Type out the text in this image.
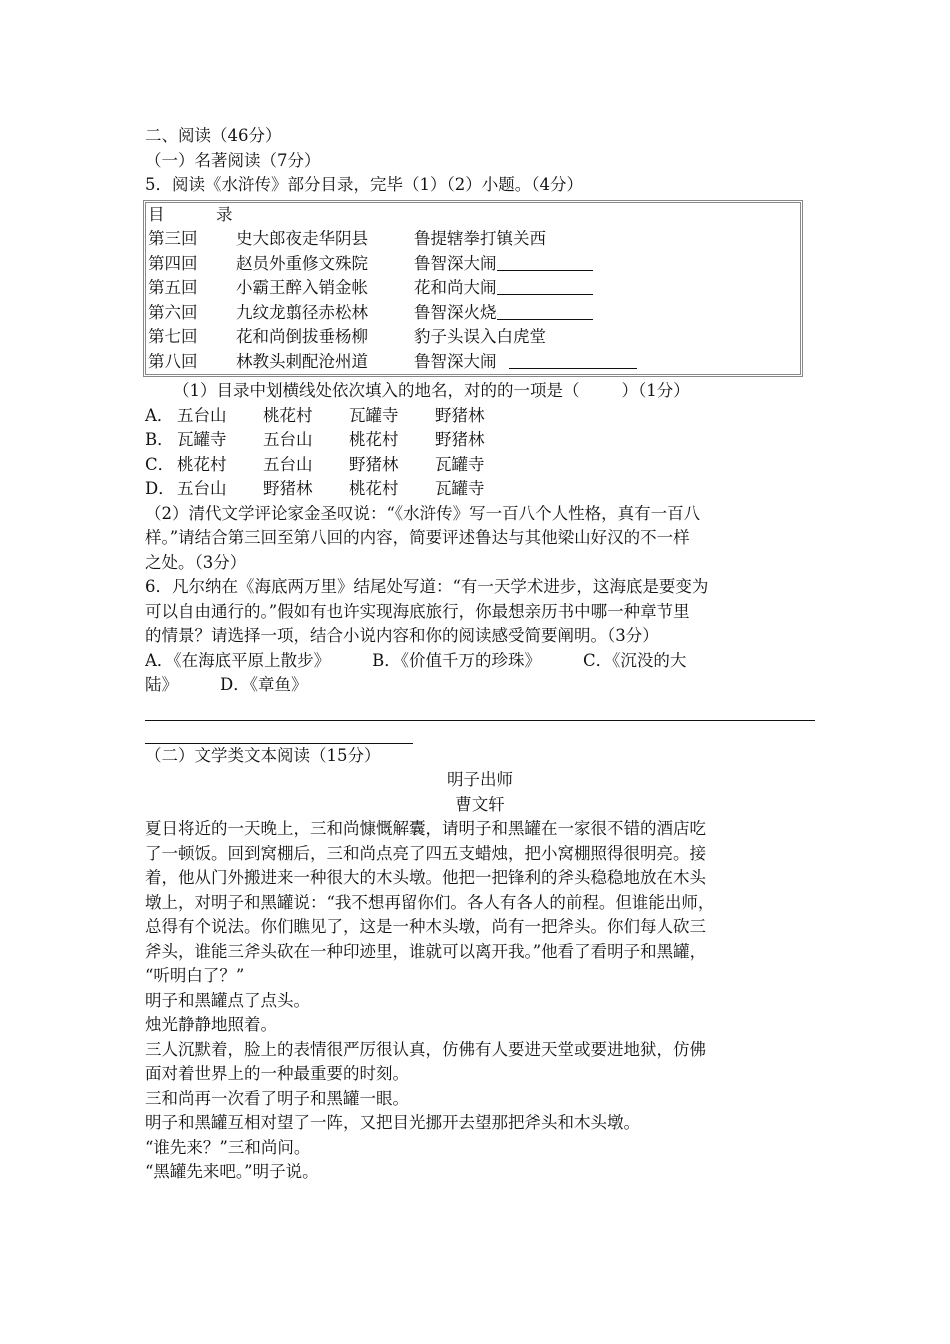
二、阅读（46分）
（一）名著阅读（7分）
5．阅读《水浒传》部分目录，完毕（1）（2）小题。（4分）
目	录
第三回	史大郎夜走华阴县	鲁提辖拳打镇关西
第四回	赵员外重修文殊院	鲁智深大闹
第五回	小霸王醉入销金帐	花和尚大闹
第六回	九纹龙翦径赤松林	鲁智深火烧
第七回	花和尚倒拔垂杨柳	豹子头误入白虎堂
第八回	林教头刺配沧州道	鲁智深大闹
（1）目录中划横线处依次填入的地名，对的的一项是（        ）（1分）
A． 五台山	桃花村	瓦罐寺	野猪林
B． 瓦罐寺	五台山	桃花村	野猪林
C． 桃花村	五台山	野猪林	瓦罐寺
D． 五台山	野猪林	桃花村	瓦罐寺
（2）清代文学评论家金圣叹说：“《水浒传》写一百八个人性格，真有一百八
样。”请结合第三回至第八回的内容，简要评述鲁达与其他梁山好汉的不一样
之处。（3分）
6．凡尔纳在《海底两万里》结尾处写道：“有一天学术进步，这海底是要变为
可以自由通行的。”假如有也许实现海底旅行，你最想亲历书中哪一种章节里
的情景？请选择一项，结合小说内容和你的阅读感受简要阐明。（3分）
A．《在海底平原上散步》        B．《价值千万的珍珠》        C．《沉没的大
陆》        D．《章鱼》
（二）文学类文本阅读（15分）
明子出师
曹文轩
夏日将近的一天晚上，三和尚慷慨解囊，请明子和黑罐在一家很不错的酒店吃
了一顿饭。回到窝棚后，三和尚点亮了四五支蜡烛，把小窝棚照得很明亮。接
着，他从门外搬进来一种很大的木头墩。他把一把锋利的斧头稳稳地放在木头
墩上，对明子和黑罐说：“我不想再留你们。各人有各人的前程。但谁能出师，
总得有个说法。你们瞧见了，这是一种木头墩，尚有一把斧头。你们每人砍三
斧头，谁能三斧头砍在一种印迹里，谁就可以离开我。”他看了看明子和黑罐，
“听明白了？”
明子和黑罐点了点头。
烛光静静地照着。
三人沉默着，脸上的表情很严厉很认真，仿佛有人要进天堂或要进地狱，仿佛
面对着世界上的一种最重要的时刻。
三和尚再一次看了明子和黑罐一眼。
明子和黑罐互相对望了一阵，又把目光挪开去望那把斧头和木头墩。
“谁先来？”三和尚问。
“黑罐先来吧。”明子说。
